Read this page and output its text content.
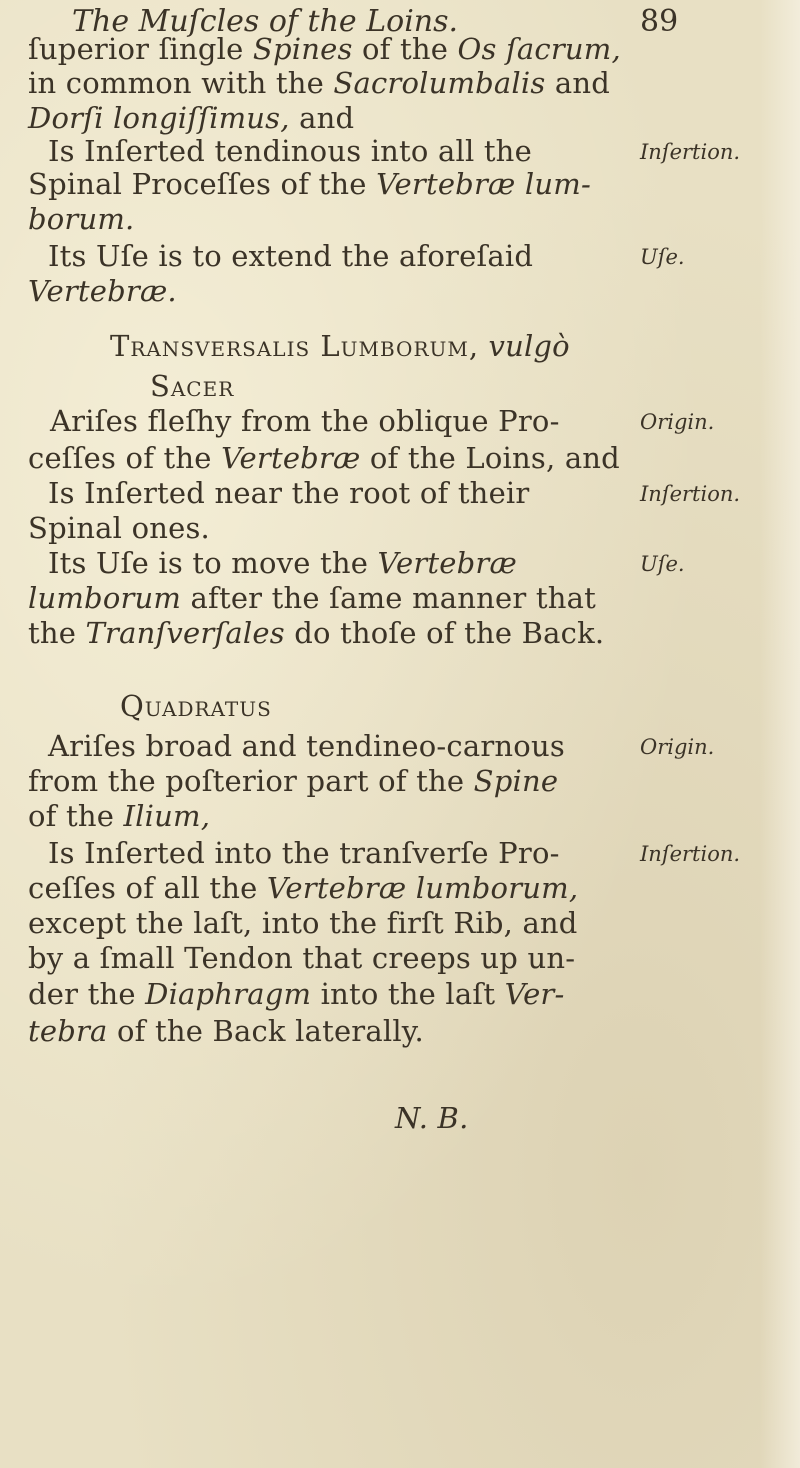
The Muſcles of the Loins.	89
ſuperior ſingle Spines of the Os ſacrum,
in common with the Sacrolumbalis and
Dorſi longiſſimus, and
Is Inſerted tendinous into all the
Spinal Proceſſes of the Vertebræ lum-
borum.
Its Uſe is to extend the aforeſaid
Vertebræ.
Transversalis Lumborum, vulgò
Sacer
Ariſes fleſhy from the oblique Pro-
ceſſes of the Vertebræ of the Loins, and
Is Inſerted near the root of their
Spinal ones.
Its Uſe is to move the Vertebræ
lumborum after the ſame manner that
the Tranſverſales do thoſe of the Back.
Quadratus
Ariſes broad and tendineo-carnous
from the poſterior part of the Spine
of the Ilium,
Is Inſerted into the tranſverſe Pro-
ceſſes of all the Vertebræ lumborum,
except the laſt, into the firſt Rib, and
by a ſmall Tendon that creeps up un-
der the Diaphragm into the laſt Ver-
tebra of the Back laterally.
N. B.
Inſertion.
Uſe.
Origin.
Inſertion.
Uſe.
Origin.
Inſertion.
